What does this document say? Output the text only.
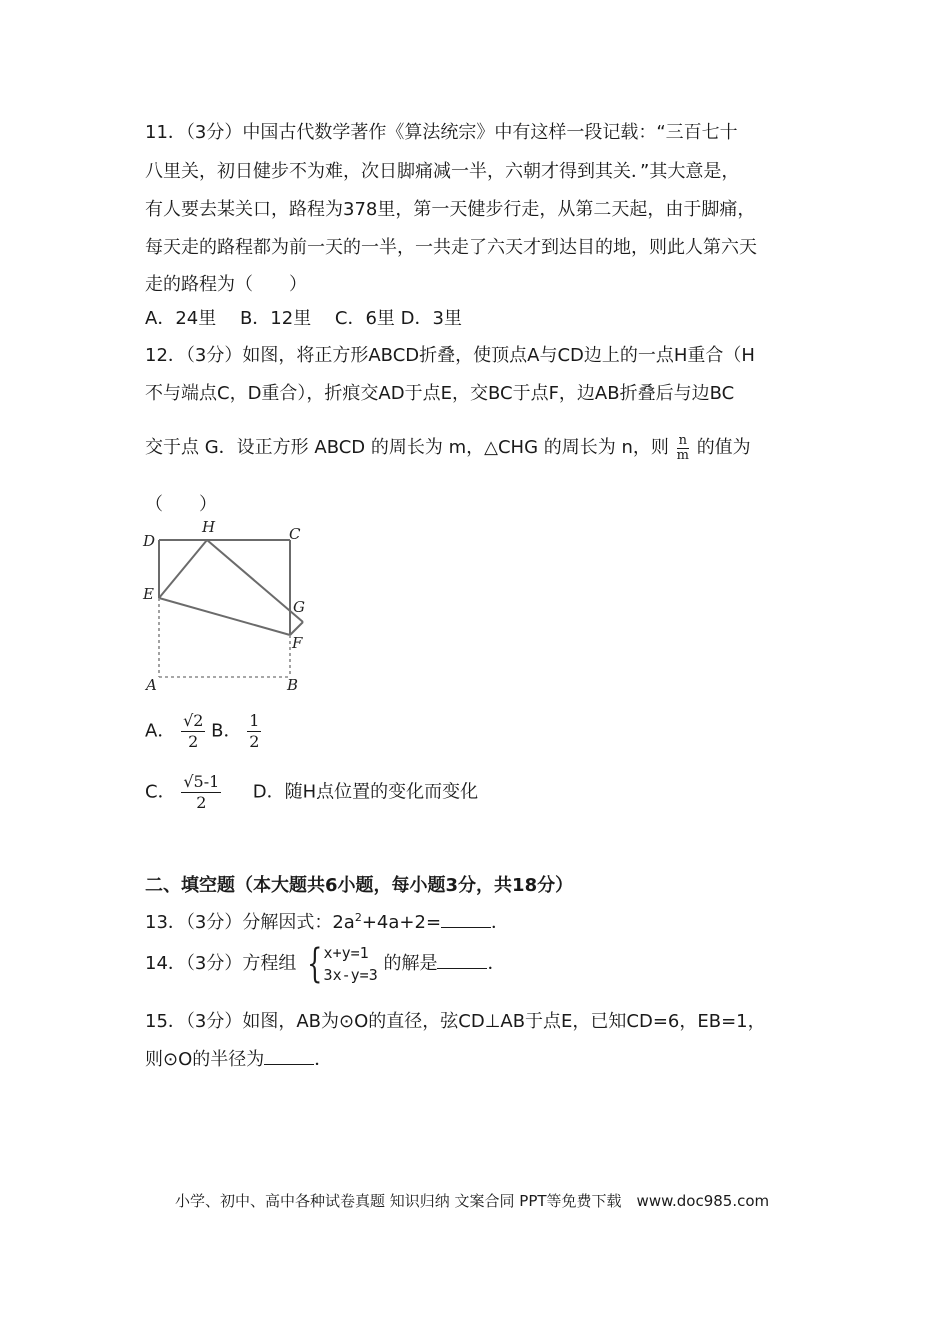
11．（3分）中国古代数学著作《算法统宗》中有这样一段记载：“三百七十
八里关，初日健步不为难，次日脚痛减一半，六朝才得到其关．”其大意是，
有人要去某关口，路程为378里，第一天健步行走，从第二天起，由于脚痛，
每天走的路程都为前一天的一半，一共走了六天才到达目的地，则此人第六天
走的路程为（　　）
A．24里　 B．12里　 C．6里 D．3里
12．（3分）如图，将正方形ABCD折叠，使顶点A与CD边上的一点H重合（H
不与端点C，D重合），折痕交AD于点E，交BC于点F，边AB折叠后与边BC
交于点 G．设正方形 ABCD 的周长为 m，△CHG 的周长为 n，则 $\frac{n}{m}$ 的值为
（　　）
D
H	C
E
G
F
A	B
A． $\frac{√2}{2}$ B． $\frac{1}{2}$
C． $\frac{√5-1}{2}$ D．随H点位置的变化而变化
二、填空题（本大题共6小题，每小题3分，共18分）
13．（3分）分解因式：$2a^2+4a+2=$	．
14．（3分）方程组 { x+y=1
3x-y=3
的解是	．
15．（3分）如图，AB为⊙O的直径，弦CD⊥AB于点E，已知CD=6，EB=1，
则⊙O的半径为	．
小学、初中、高中各种试卷真题 知识归纳 文案合同 PPT等免费下载　www.doc985.com
